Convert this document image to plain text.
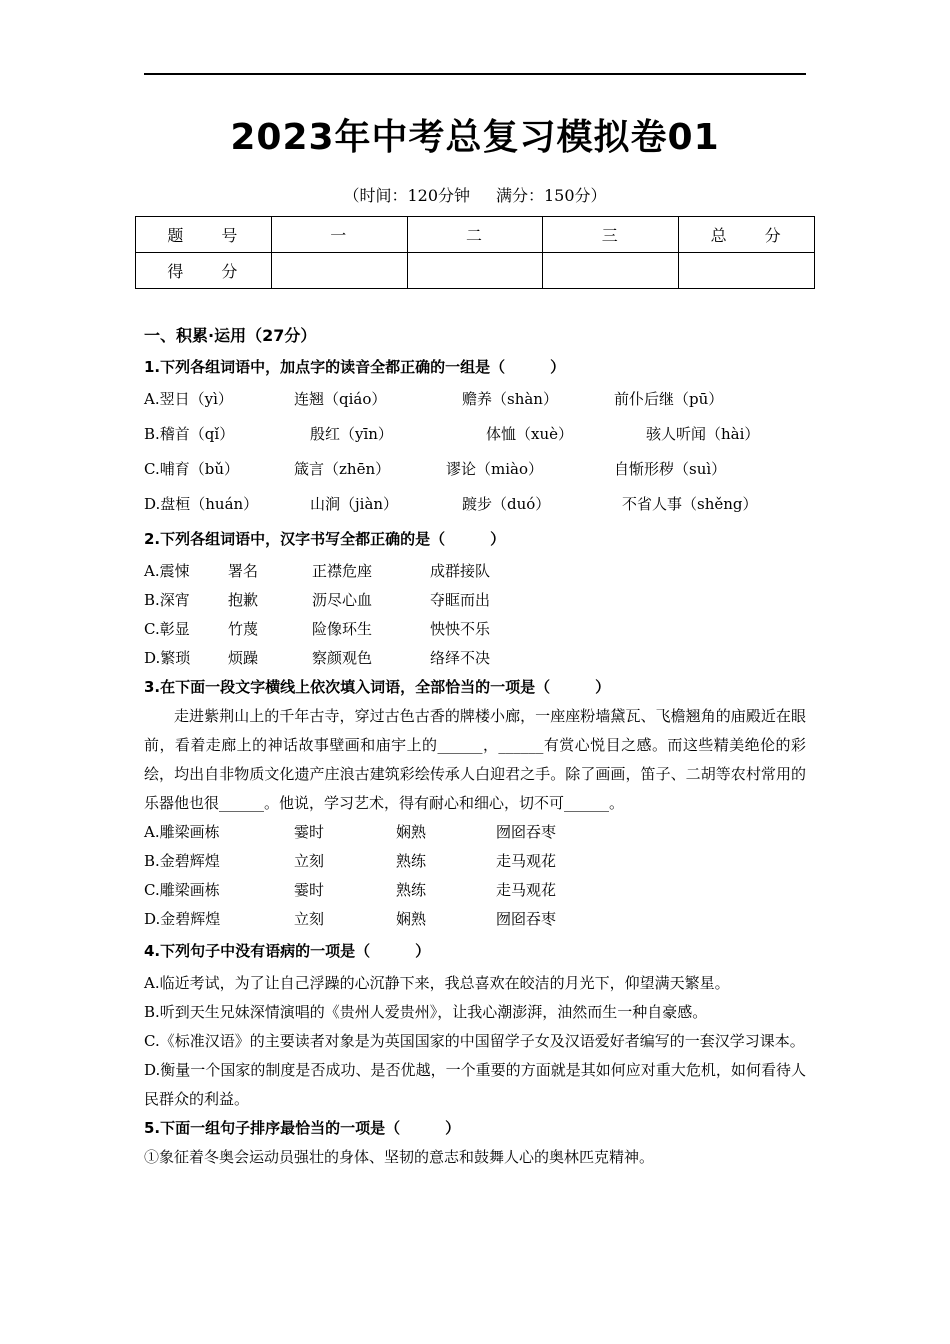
2023年中考总复习模拟卷01
（时间：120分钟 满分：150分）
题　　号	一	二	三	总　　分
得　　分				
一、积累·运用（27分）
1.下列各组词语中，加点字的读音全都正确的一组是（　　　）
A.翌日（yì）	连翘（qiáo）	赡养（shàn）	前仆后继（pū）
B.稽首（qǐ）	殷红（yīn）	体恤（xuè）	骇人听闻（hài）
C.哺育（bǔ）	箴言（zhēn）	谬论（miào）	自惭形秽（suì）
D.盘桓（huán）	山涧（jiàn）	踱步（duó）	不省人事（shěng）
2.下列各组词语中，汉字书写全都正确的是（　　　）
A.震悚	署名	正襟危座	成群接队
B.深宵	抱歉	沥尽心血	夺眶而出
C.彰显	竹蔑	险像环生	怏怏不乐
D.繁琐	烦躁	察颜观色	络绎不决
3.在下面一段文字横线上依次填入词语，全部恰当的一项是（　　　）
走进紫荆山上的千年古寺，穿过古色古香的牌楼小廊，一座座粉墙黛瓦、飞檐翘角的庙殿近在眼前，看着走廊上的神话故事壁画和庙宇上的______，______有赏心悦目之感。而这些精美绝伦的彩绘，均出自非物质文化遗产庄浪古建筑彩绘传承人白迎君之手。除了画画，笛子、二胡等农村常用的乐器他也很______。他说，学习艺术，得有耐心和细心，切不可______。
A.雕梁画栋	霎时	娴熟	囫囵吞枣
B.金碧辉煌	立刻	熟练	走马观花
C.雕梁画栋	霎时	熟练	走马观花
D.金碧辉煌	立刻	娴熟	囫囵吞枣
4.下列句子中没有语病的一项是（　　　）
A.临近考试，为了让自己浮躁的心沉静下来，我总喜欢在皎洁的月光下，仰望满天繁星。
B.听到天生兄妹深情演唱的《贵州人爱贵州》，让我心潮澎湃，油然而生一种自豪感。
C.《标准汉语》的主要读者对象是为英国国家的中国留学子女及汉语爱好者编写的一套汉学习课本。
D.衡量一个国家的制度是否成功、是否优越，一个重要的方面就是其如何应对重大危机，如何看待人民群众的利益。
5.下面一组句子排序最恰当的一项是（　　　）
①象征着冬奥会运动员强壮的身体、坚韧的意志和鼓舞人心的奥林匹克精神。
